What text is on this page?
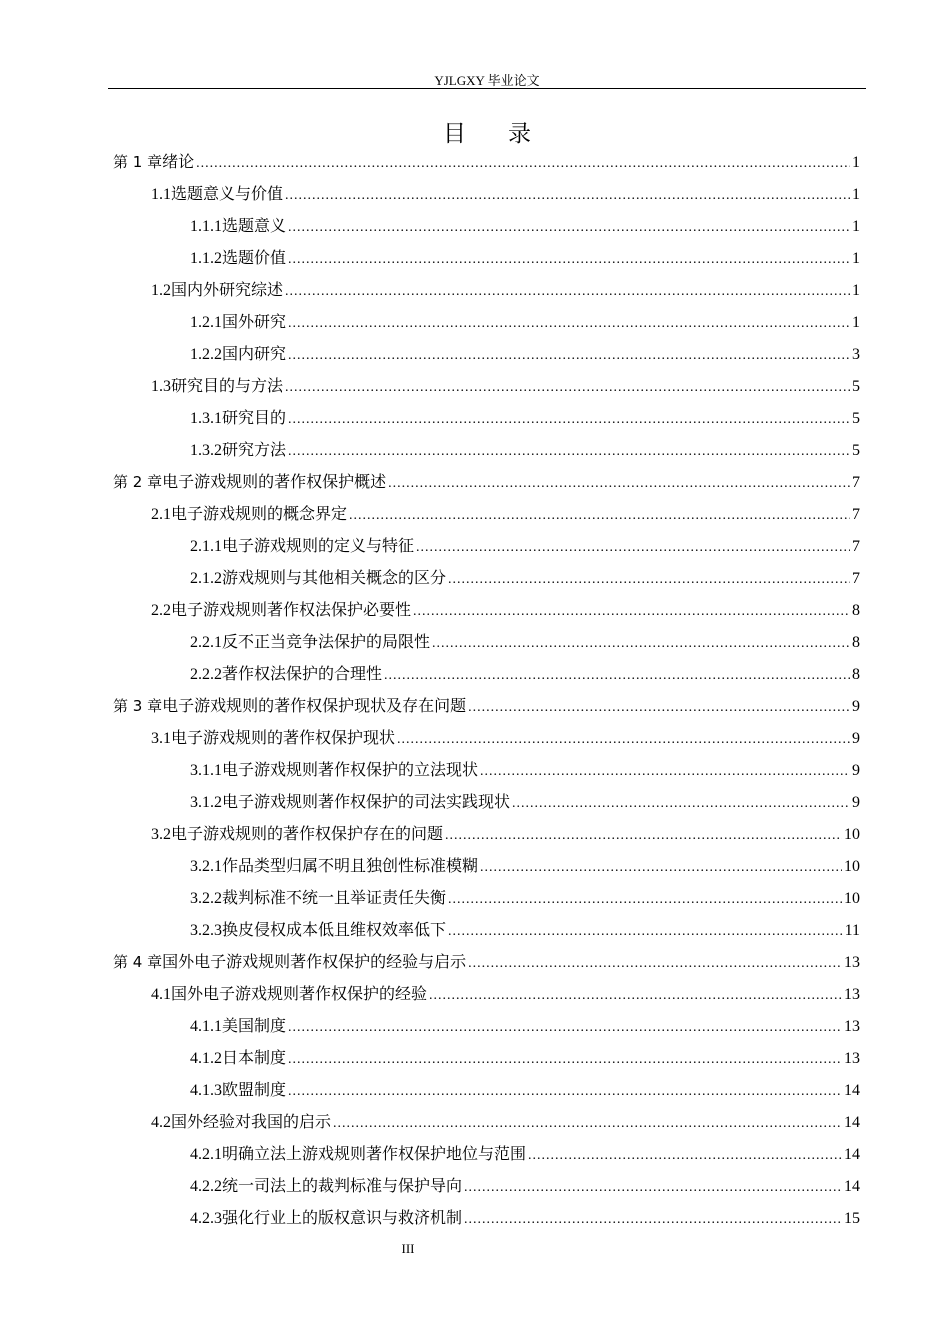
YJLGXY 毕业论文
目录
第 1 章 绪论 .....	1
1.1 选题意义与价值 .....	1
1.1.1 选题意义 .....	1
1.1.2 选题价值 .....	1
1.2 国内外研究综述 .....	1
1.2.1 国外研究 .....	1
1.2.2 国内研究 .....	3
1.3 研究目的与方法 .....	5
1.3.1 研究目的 .....	5
1.3.2 研究方法 .....	5
第 2 章 电子游戏规则的著作权保护概述 .....	7
2.1 电子游戏规则的概念界定 .....	7
2.1.1 电子游戏规则的定义与特征 .....	7
2.1.2 游戏规则与其他相关概念的区分 .....	7
2.2 电子游戏规则著作权法保护必要性 .....	8
2.2.1 反不正当竞争法保护的局限性 .....	8
2.2.2 著作权法保护的合理性 .....	8
第 3 章 电子游戏规则的著作权保护现状及存在问题 .....	9
3.1 电子游戏规则的著作权保护现状 .....	9
3.1.1 电子游戏规则著作权保护的立法现状 .....	9
3.1.2 电子游戏规则著作权保护的司法实践现状 .....	9
3.2 电子游戏规则的著作权保护存在的问题 .....	10
3.2.1 作品类型归属不明且独创性标准模糊 .....	10
3.2.2 裁判标准不统一且举证责任失衡 .....	10
3.2.3 换皮侵权成本低且维权效率低下 .....	11
第 4 章 国外电子游戏规则著作权保护的经验与启示 .....	13
4.1 国外电子游戏规则著作权保护的经验 .....	13
4.1.1 美国制度 .....	13
4.1.2 日本制度 .....	13
4.1.3 欧盟制度 .....	14
4.2 国外经验对我国的启示 .....	14
4.2.1 明确立法上游戏规则著作权保护地位与范围 .....	14
4.2.2 统一司法上的裁判标准与保护导向 .....	14
4.2.3 强化行业上的版权意识与救济机制 .....	15
III
